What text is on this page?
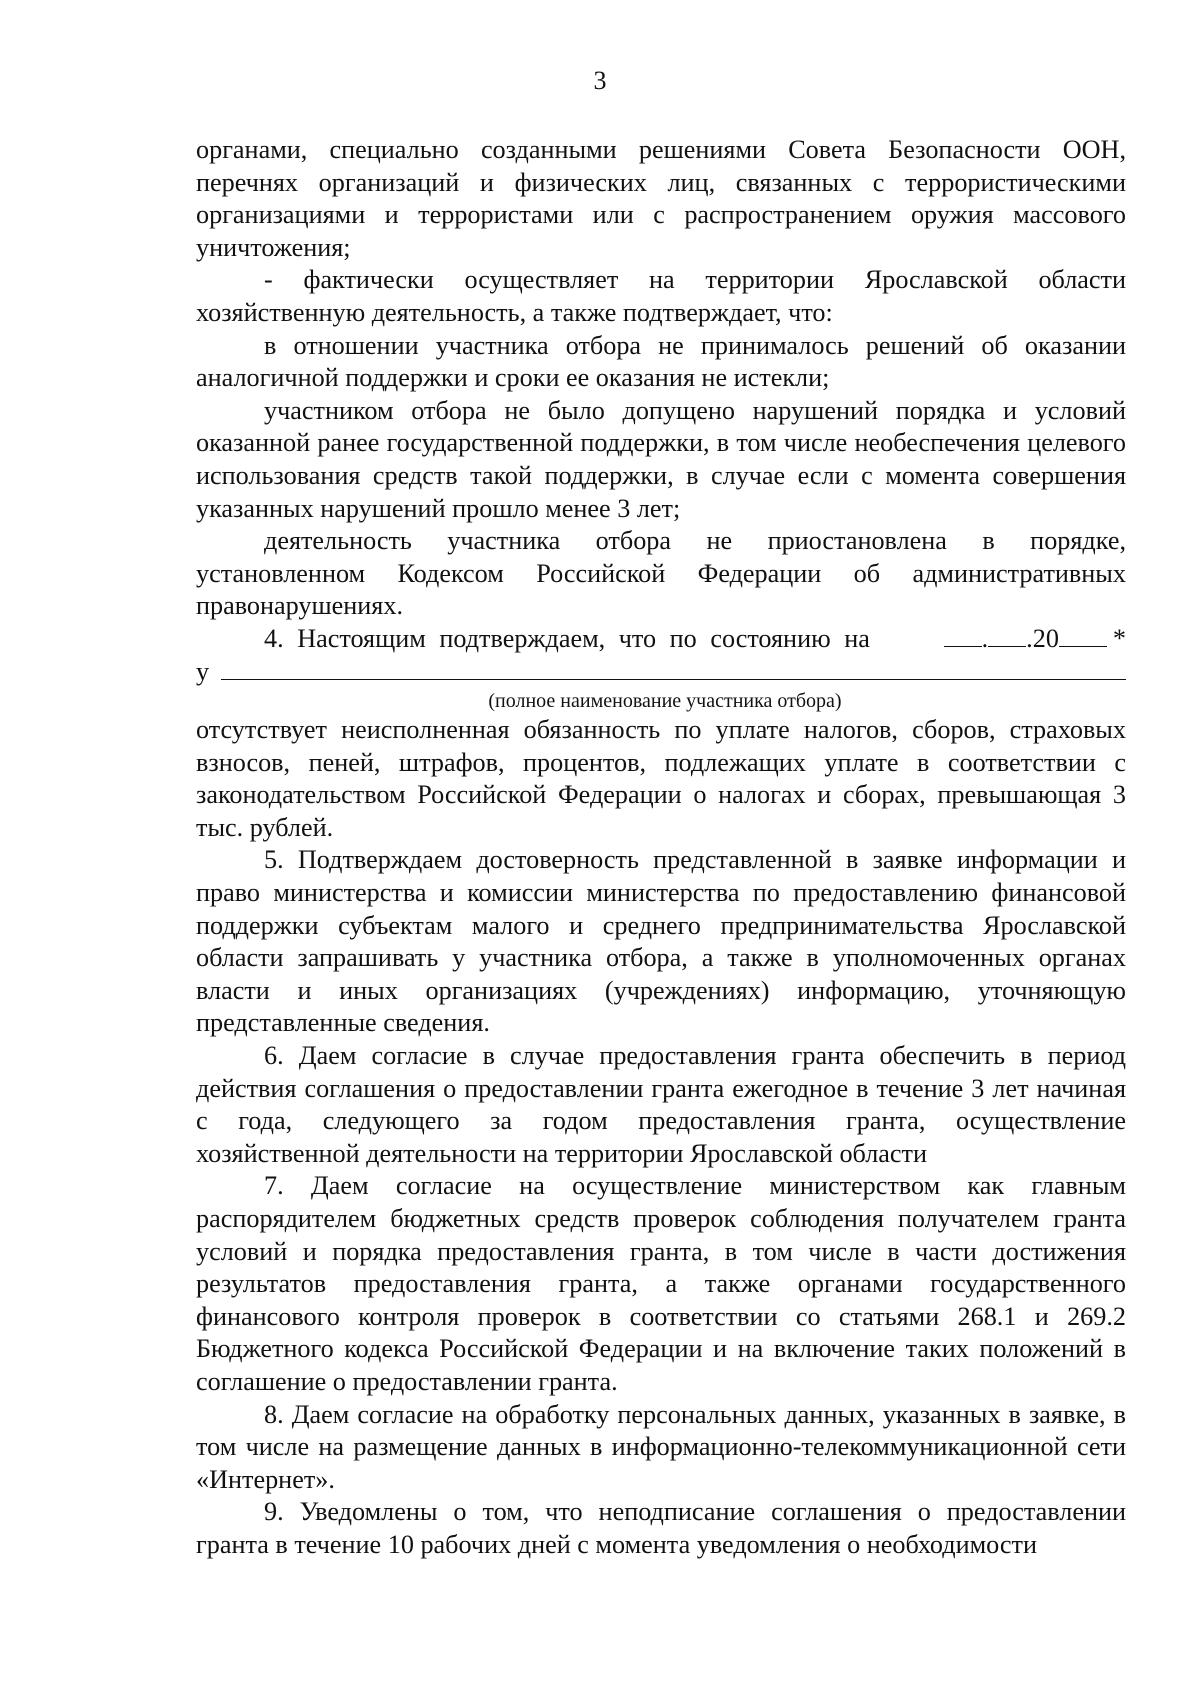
3

органами, специально созданными решениями Совета Безопасности ООН, перечнях организаций и физических лиц, связанных с террористическими организациями и террористами или с распространением оружия массового уничтожения;

- фактически осуществляет на территории Ярославской области хозяйственную деятельность, а также подтверждает, что:

в отношении участника отбора не принималось решений об оказании аналогичной поддержки и сроки ее оказания не истекли;

участником отбора не было допущено нарушений порядка и условий оказанной ранее государственной поддержки, в том числе необеспечения целевого использования средств такой поддержки, в случае если с момента совершения указанных нарушений прошло менее 3 лет;

деятельность участника отбора не приостановлена в порядке, установленном Кодексом Российской Федерации об административных правонарушениях.

4. Настоящим подтверждаем, что по состоянию на	. .20 *
у
(полное наименование участника отбора)

отсутствует неисполненная обязанность по уплате налогов, сборов, страховых взносов, пеней, штрафов, процентов, подлежащих уплате в соответствии с законодательством Российской Федерации о налогах и сборах, превышающая 3 тыс. рублей.

5. Подтверждаем достоверность представленной в заявке информации и право министерства и комиссии министерства по предоставлению финансовой поддержки субъектам малого и среднего предпринимательства Ярославской области запрашивать у участника отбора, а также в уполномоченных органах власти и иных организациях (учреждениях) информацию, уточняющую представленные сведения.

6. Даем согласие в случае предоставления гранта обеспечить в период действия соглашения о предоставлении гранта ежегодное в течение 3 лет начиная с года, следующего за годом предоставления гранта, осуществление хозяйственной деятельности на территории Ярославской области

7. Даем согласие на осуществление министерством как главным распорядителем бюджетных средств проверок соблюдения получателем гранта условий и порядка предоставления гранта, в том числе в части достижения результатов предоставления гранта, а также органами государственного финансового контроля проверок в соответствии со статьями 268.1 и 269.2 Бюджетного кодекса Российской Федерации и на включение таких положений в соглашение о предоставлении гранта.

8. Даем согласие на обработку персональных данных, указанных в заявке, в том числе на размещение данных в информационно-телекоммуникационной сети «Интернет».

9. Уведомлены о том, что неподписание соглашения о предоставлении гранта в течение 10 рабочих дней с момента уведомления о необходимости
